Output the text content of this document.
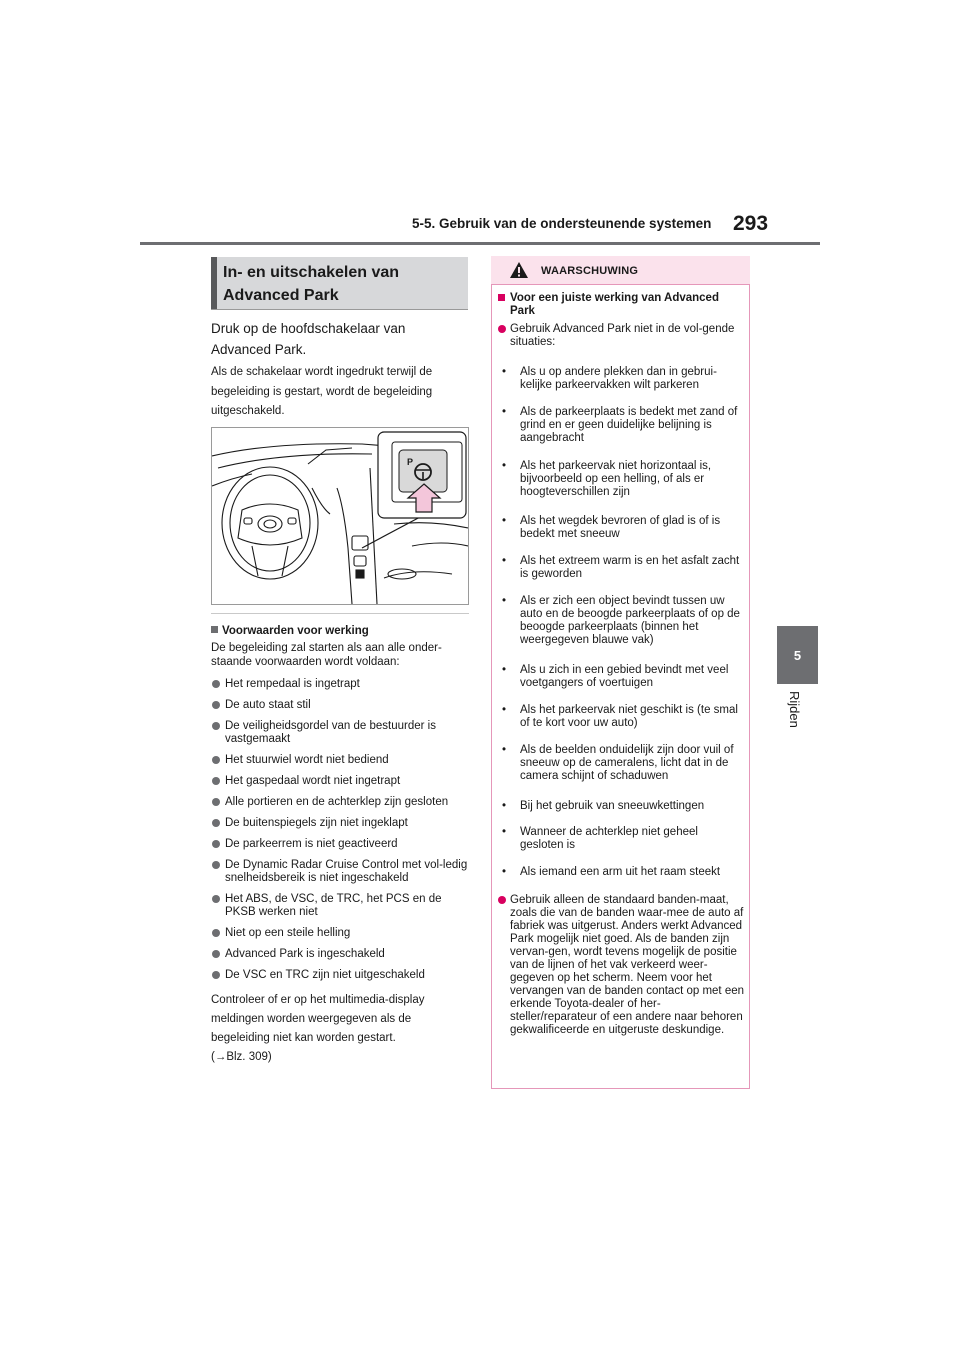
5-5. Gebruik van de ondersteunende systemen 293
5
Rijden
In- en uitschakelen van
Advanced Park
Druk op de hoofdschakelaar van
Advanced Park.
Als de schakelaar wordt ingedrukt terwijl de
begeleiding is gestart, wordt de begeleiding
uitgeschakeld.
P
Voorwaarden voor werking
De begeleiding zal starten als aan alle onder-
staande voorwaarden wordt voldaan:
Het rempedaal is ingetrapt
De auto staat stil
De veiligheidsgordel van de bestuurder is vastgemaakt
Het stuurwiel wordt niet bediend
Het gaspedaal wordt niet ingetrapt
Alle portieren en de achterklep zijn gesloten
De buitenspiegels zijn niet ingeklapt
De parkeerrem is niet geactiveerd
De Dynamic Radar Cruise Control met vol-ledig snelheidsbereik is niet ingeschakeld
Het ABS, de VSC, de TRC, het PCS en de PKSB werken niet
Niet op een steile helling
Advanced Park is ingeschakeld
De VSC en TRC zijn niet uitgeschakeld
Controleer of er op het multimedia-display
meldingen worden weergegeven als de
begeleiding niet kan worden gestart.
(→Blz. 309)
WAARSCHUWING
Voor een juiste werking van Advanced Park
Gebruik Advanced Park niet in de vol-gende situaties:
• Als u op andere plekken dan in gebrui-kelijke parkeervakken wilt parkeren
• Als de parkeerplaats is bedekt met zand of grind en er geen duidelijke belijning is aangebracht
• Als het parkeervak niet horizontaal is, bijvoorbeeld op een helling, of als er hoogteverschillen zijn
• Als het wegdek bevroren of glad is of is bedekt met sneeuw
• Als het extreem warm is en het asfalt zacht is geworden
• Als er zich een object bevindt tussen uw auto en de beoogde parkeerplaats of op de beoogde parkeerplaats (binnen het weergegeven blauwe vak)
• Als u zich in een gebied bevindt met veel voetgangers of voertuigen
• Als het parkeervak niet geschikt is (te smal of te kort voor uw auto)
• Als de beelden onduidelijk zijn door vuil of sneeuw op de cameralens, licht dat in de camera schijnt of schaduwen
• Bij het gebruik van sneeuwkettingen
• Wanneer de achterklep niet geheel gesloten is
• Als iemand een arm uit het raam steekt
Gebruik alleen de standaard banden-maat, zoals die van de banden waar-mee de auto af fabriek was uitgerust. Anders werkt Advanced Park mogelijk niet goed. Als de banden zijn vervan-gen, wordt tevens mogelijk de positie van de lijnen of het vak verkeerd weer-gegeven op het scherm. Neem voor het vervangen van de banden contact op met een erkende Toyota-dealer of her-steller/reparateur of een andere naar behoren gekwalificeerde en uitgeruste deskundige.
